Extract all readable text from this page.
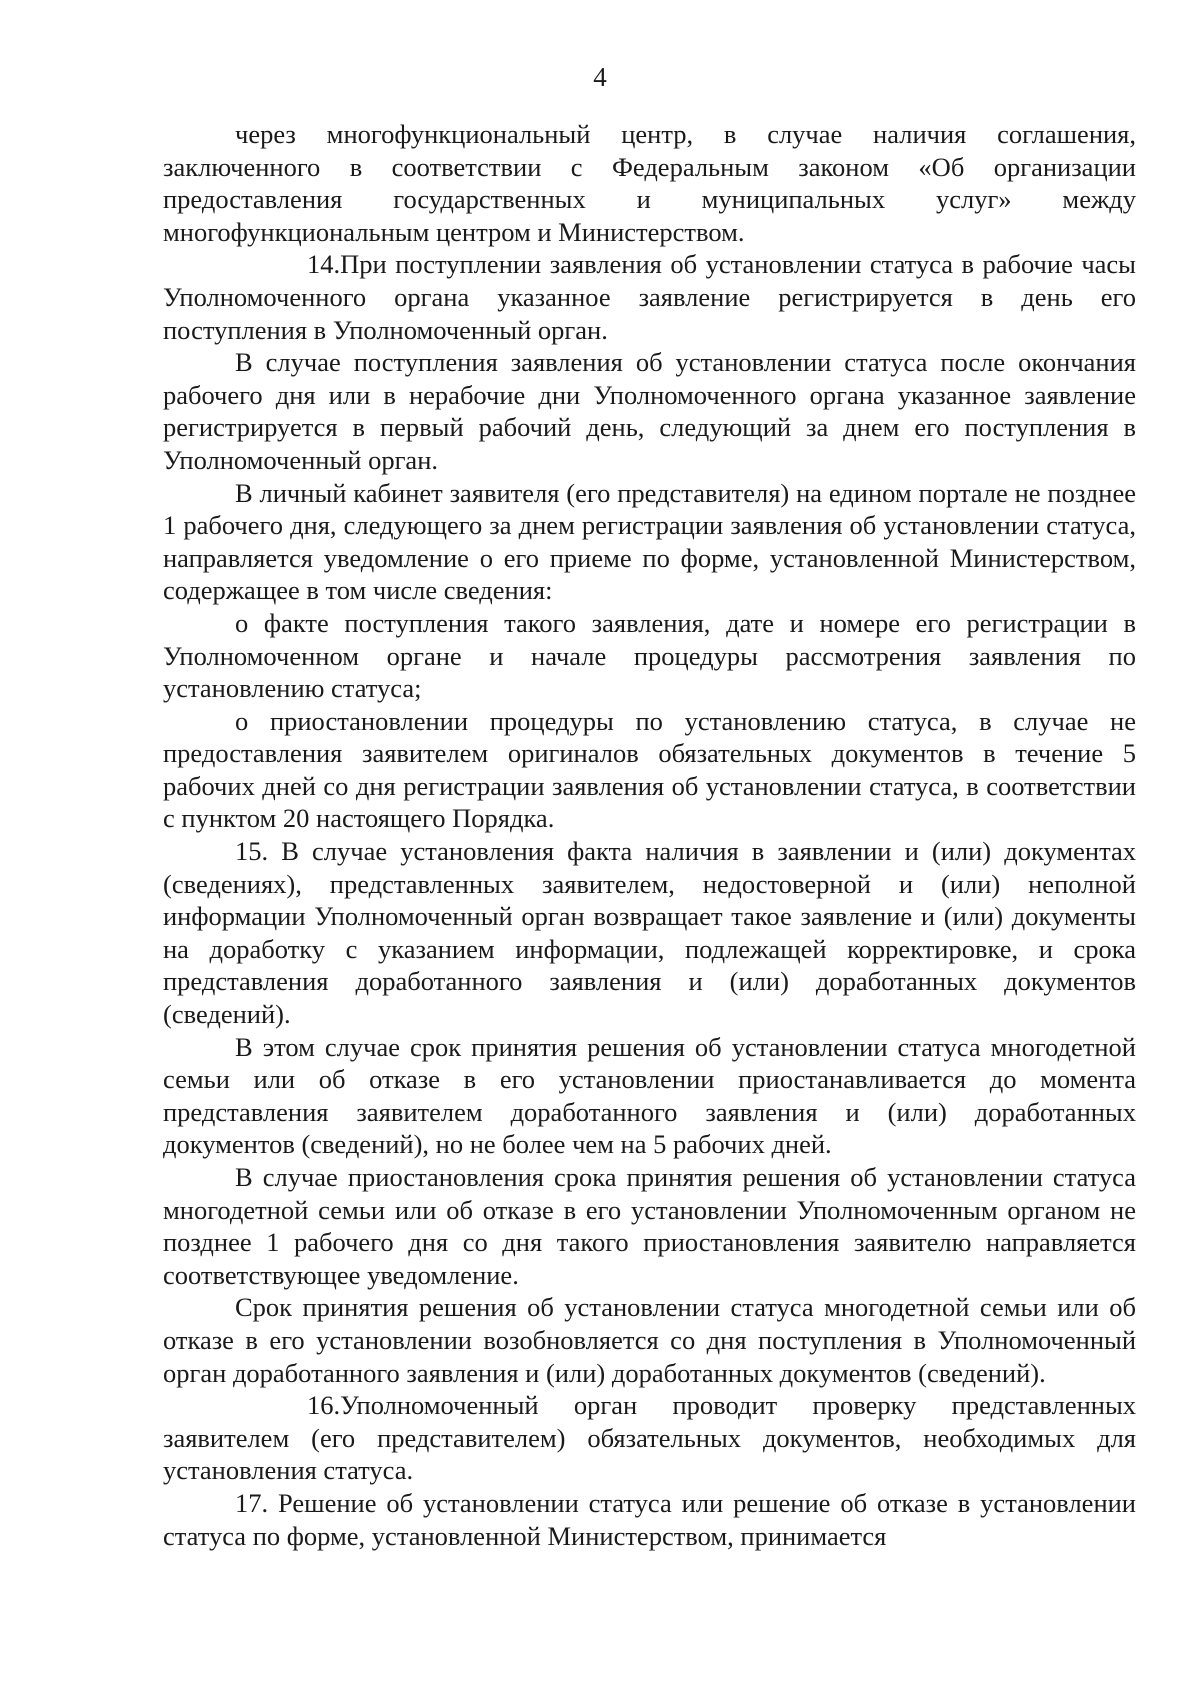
4

через многофункциональный центр, в случае наличия соглашения, заключенного в соответствии с Федеральным законом «Об организации предоставления государственных и муниципальных услуг» между многофункциональным центром и Министерством.

14.При поступлении заявления об установлении статуса в рабочие часы Уполномоченного органа указанное заявление регистрируется в день его поступления в Уполномоченный орган.

В случае поступления заявления об установлении статуса после окончания рабочего дня или в нерабочие дни Уполномоченного органа указанное заявление регистрируется в первый рабочий день, следующий за днем его поступления в Уполномоченный орган.

В личный кабинет заявителя (его представителя) на едином портале не позднее 1 рабочего дня, следующего за днем регистрации заявления об установлении статуса, направляется уведомление о его приеме по форме, установленной Министерством, содержащее в том числе сведения:

о факте поступления такого заявления, дате и номере его регистрации в Уполномоченном органе и начале процедуры рассмотрения заявления по установлению статуса;

о приостановлении процедуры по установлению статуса, в случае не предоставления заявителем оригиналов обязательных документов в течение 5 рабочих дней со дня регистрации заявления об установлении статуса, в соответствии с пунктом 20 настоящего Порядка.

15. В случае установления факта наличия в заявлении и (или) документах (сведениях), представленных заявителем, недостоверной и (или) неполной информации Уполномоченный орган возвращает такое заявление и (или) документы на доработку с указанием информации, подлежащей корректировке, и срока представления доработанного заявления и (или) доработанных документов (сведений).

В этом случае срок принятия решения об установлении статуса многодетной семьи или об отказе в его установлении приостанавливается до момента представления заявителем доработанного заявления и (или) доработанных документов (сведений), но не более чем на 5 рабочих дней.

В случае приостановления срока принятия решения об установлении статуса многодетной семьи или об отказе в его установлении Уполномоченным органом не позднее 1 рабочего дня со дня такого приостановления заявителю направляется соответствующее уведомление.

Срок принятия решения об установлении статуса многодетной семьи или об отказе в его установлении возобновляется со дня поступления в Уполномоченный орган доработанного заявления и (или) доработанных документов (сведений).

16.Уполномоченный орган проводит проверку представленных заявителем (его представителем) обязательных документов, необходимых для установления статуса.

17. Решение об установлении статуса или решение об отказе в установлении статуса по форме, установленной Министерством, принимается
